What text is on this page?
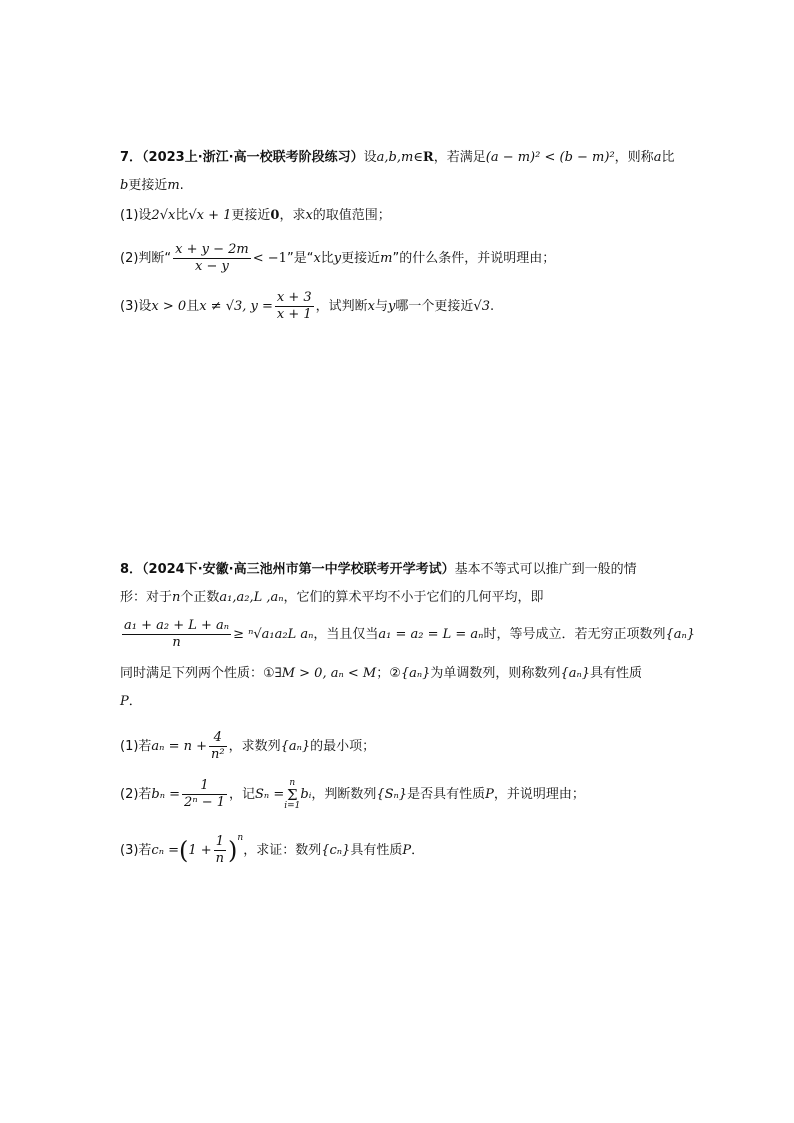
7．（2023上·浙江·高一校联考阶段练习）设a,b,m∈R，若满足(a − m)² < (b − m)²，则称a比
b更接近m.
(1)设2√x比√x + 1更接近0，求x的取值范围；
(2)判断“ $\frac{x + y - 2m}{x - y} < -1$”是“x比y更接近m”的什么条件，并说明理由；
(3)设x > 0且x ≠ √3, $y = \frac{x + 3}{x + 1}$ ，试判断x与y哪一个更接近√3.
8．（2024下·安徽·高三池州市第一中学校联考开学考试）基本不等式可以推广到一般的情
形：对于n个正数a₁,a₂,L ,aₙ，它们的算术平均不小于它们的几何平均，即
$\frac{\text{a₁ + a₂ + L + aₙ}}{n} \ge ^n√a_1a_2L$ aₙ，当且仅当a₁ = a₂ = L = aₙ时，等号成立．若无穷正项数列{aₙ}
同时满足下列两个性质：①∃M > 0, aₙ < M；②{aₙ}为单调数列，则称数列{aₙ}具有性质
P．
(1)若$a_n = n + \frac{4}{\text{n²}}$ ，求数列{aₙ}的最小项；
(2)若$b_n = \frac{1}{\text{2ⁿ − 1}}$ ，记Sₙ =
n
Σ
i=1
bᵢ，判断数列{Sₙ}是否具有性质P，并说明理由；
(3)若$c_n =(1 + \frac{1}{n} )^n$，求证：数列{cₙ}具有性质P．
